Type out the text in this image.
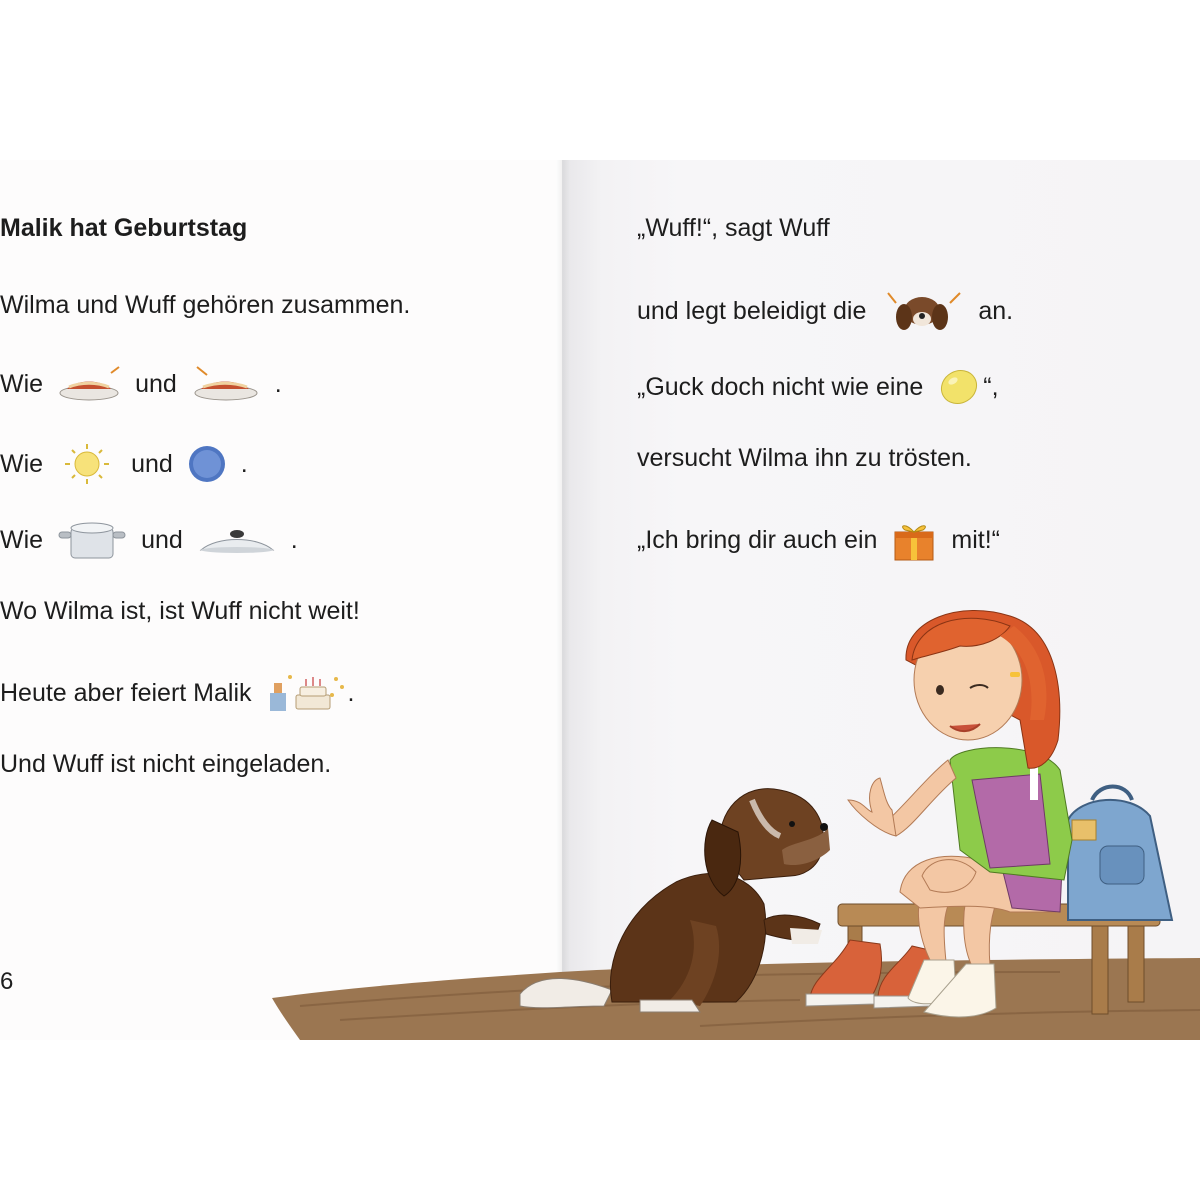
Malik hat Geburtstag
Wilma und Wuff gehören zusammen.
Wie	und	.
Wie	und	.
Wie	und	.
Wo Wilma ist, ist Wuff nicht weit!
Heute aber feiert Malik	.
Und Wuff ist nicht eingeladen.
6
„Wuff!“, sagt Wuff
und legt beleidigt die	an.
„Guck doch nicht wie eine “,
versucht Wilma ihn zu trösten.
„Ich bring dir auch ein	mit!“
